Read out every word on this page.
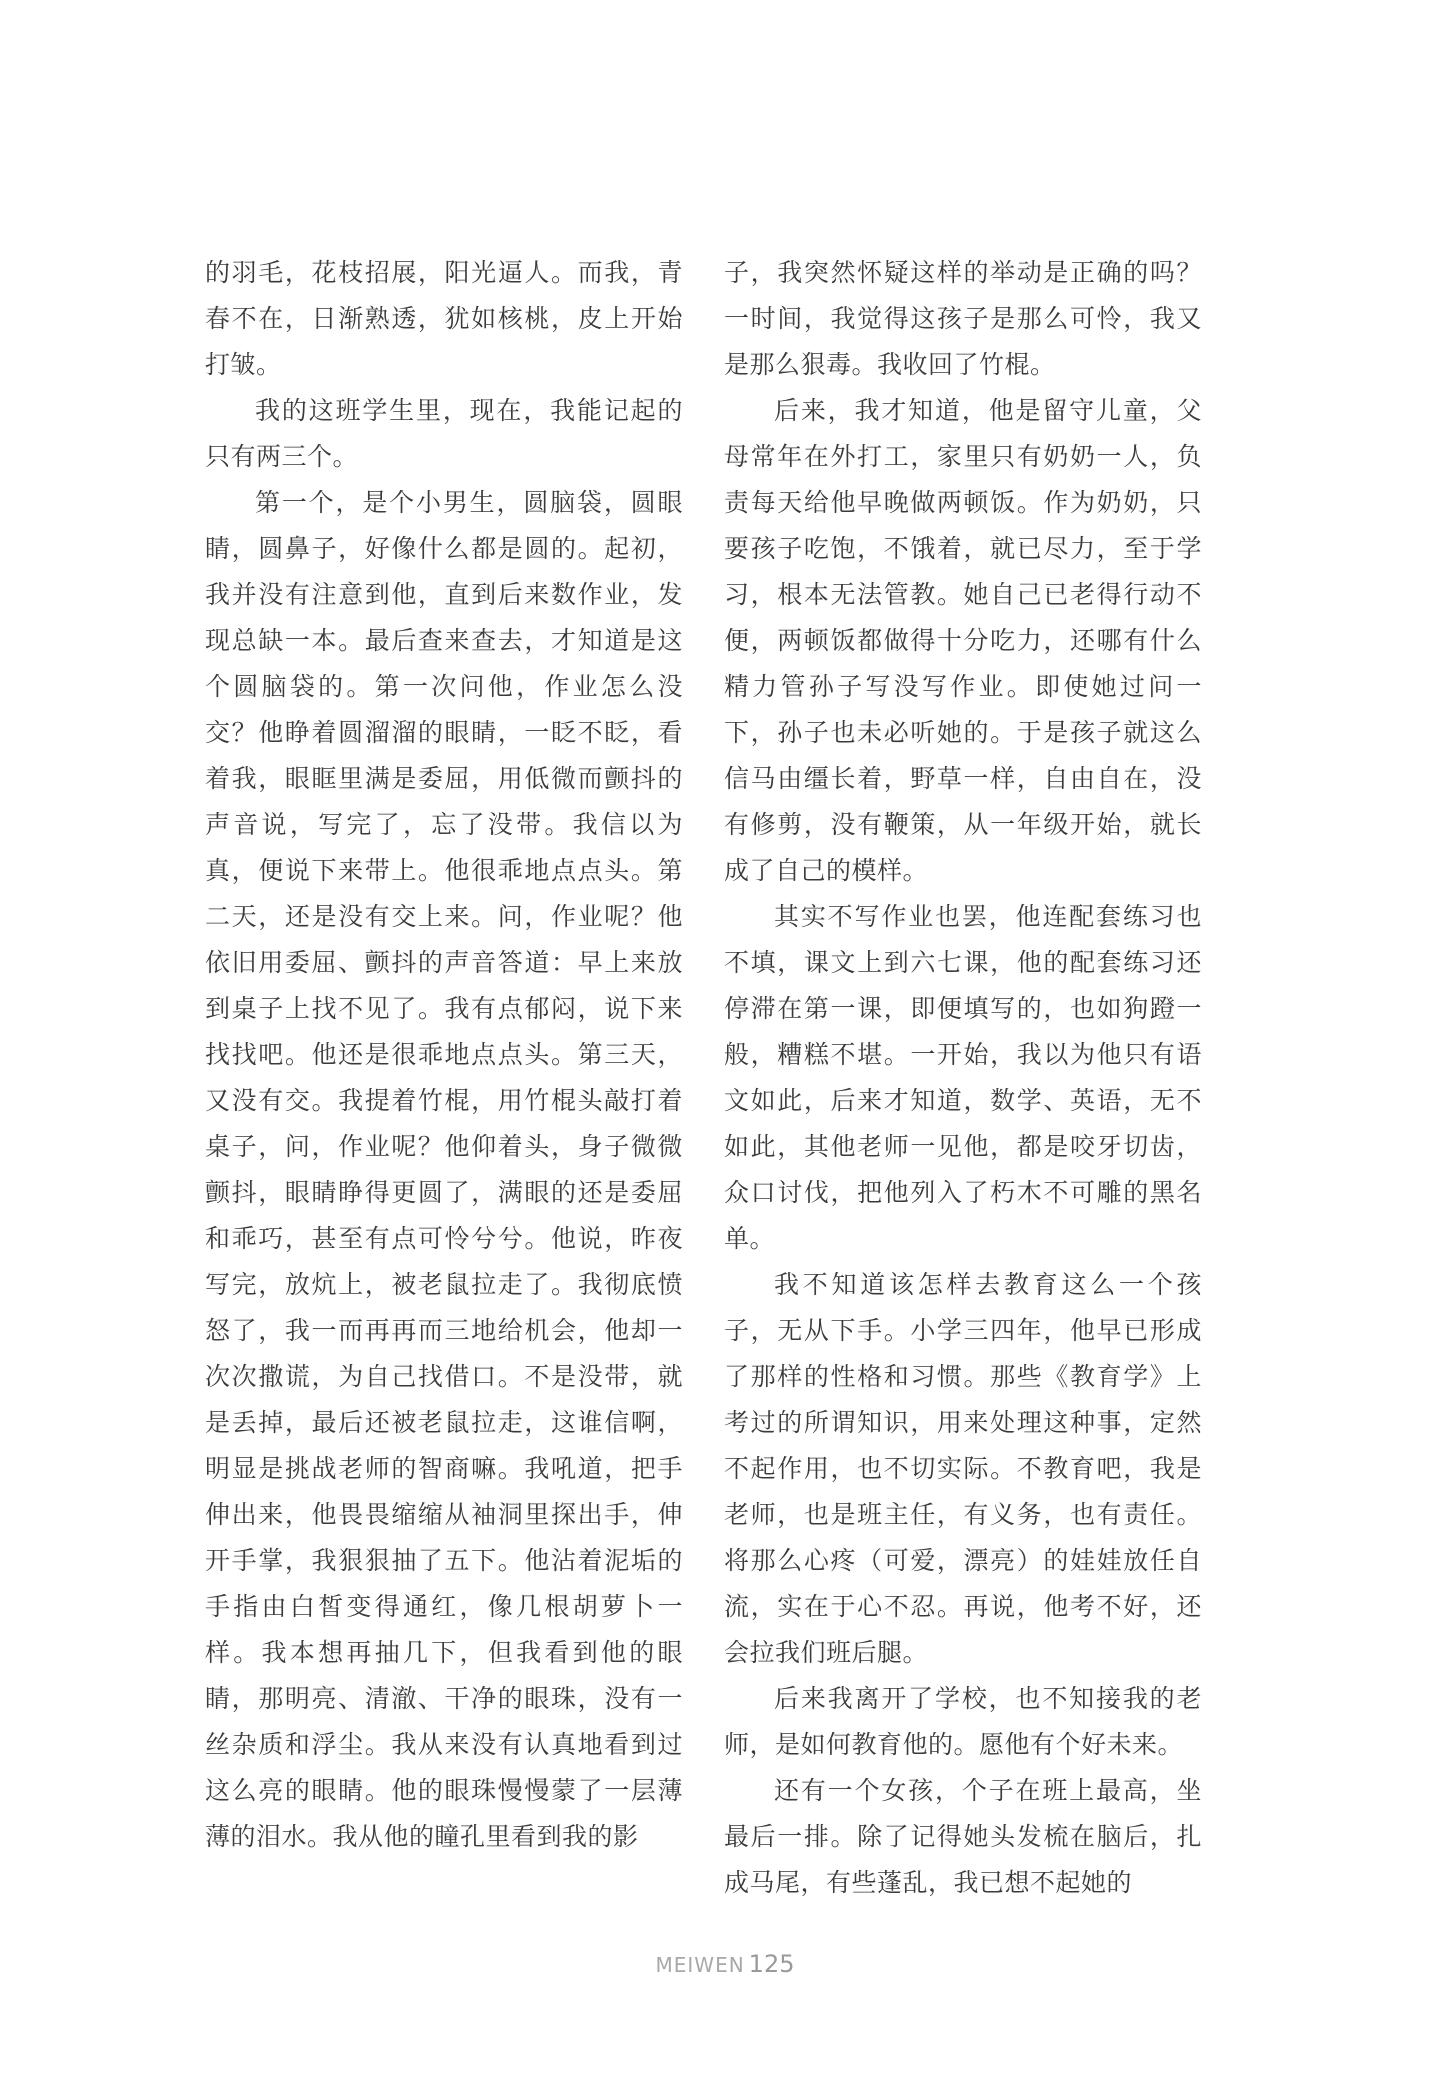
的羽毛，花枝招展，阳光逼人。而我，青春不在，日渐熟透，犹如核桃，皮上开始打皱。

我的这班学生里，现在，我能记起的只有两三个。

第一个，是个小男生，圆脑袋，圆眼睛，圆鼻子，好像什么都是圆的。起初，我并没有注意到他，直到后来数作业，发现总缺一本。最后查来查去，才知道是这个圆脑袋的。第一次问他，作业怎么没交？他睁着圆溜溜的眼睛，一眨不眨，看着我，眼眶里满是委屈，用低微而颤抖的声音说，写完了，忘了没带。我信以为真，便说下来带上。他很乖地点点头。第二天，还是没有交上来。问，作业呢？他依旧用委屈、颤抖的声音答道：早上来放到桌子上找不见了。我有点郁闷，说下来找找吧。他还是很乖地点点头。第三天，又没有交。我提着竹棍，用竹棍头敲打着桌子，问，作业呢？他仰着头，身子微微颤抖，眼睛睁得更圆了，满眼的还是委屈和乖巧，甚至有点可怜兮兮。他说，昨夜写完，放炕上，被老鼠拉走了。我彻底愤怒了，我一而再再而三地给机会，他却一次次撒谎，为自己找借口。不是没带，就是丢掉，最后还被老鼠拉走，这谁信啊，明显是挑战老师的智商嘛。我吼道，把手伸出来，他畏畏缩缩从袖洞里探出手，伸开手掌，我狠狠抽了五下。他沾着泥垢的手指由白皙变得通红，像几根胡萝卜一样。我本想再抽几下，但我看到他的眼睛，那明亮、清澈、干净的眼珠，没有一丝杂质和浮尘。我从来没有认真地看到过这么亮的眼睛。他的眼珠慢慢蒙了一层薄薄的泪水。我从他的瞳孔里看到我的影

子，我突然怀疑这样的举动是正确的吗？一时间，我觉得这孩子是那么可怜，我又是那么狠毒。我收回了竹棍。

后来，我才知道，他是留守儿童，父母常年在外打工，家里只有奶奶一人，负责每天给他早晚做两顿饭。作为奶奶，只要孩子吃饱，不饿着，就已尽力，至于学习，根本无法管教。她自己已老得行动不便，两顿饭都做得十分吃力，还哪有什么精力管孙子写没写作业。即使她过问一下，孙子也未必听她的。于是孩子就这么信马由缰长着，野草一样，自由自在，没有修剪，没有鞭策，从一年级开始，就长成了自己的模样。

其实不写作业也罢，他连配套练习也不填，课文上到六七课，他的配套练习还停滞在第一课，即便填写的，也如狗蹬一般，糟糕不堪。一开始，我以为他只有语文如此，后来才知道，数学、英语，无不如此，其他老师一见他，都是咬牙切齿，众口讨伐，把他列入了朽木不可雕的黑名单。

我不知道该怎样去教育这么一个孩子，无从下手。小学三四年，他早已形成了那样的性格和习惯。那些《教育学》上考过的所谓知识，用来处理这种事，定然不起作用，也不切实际。不教育吧，我是老师，也是班主任，有义务，也有责任。将那么心疼（可爱，漂亮）的娃娃放任自流，实在于心不忍。再说，他考不好，还会拉我们班后腿。

后来我离开了学校，也不知接我的老师，是如何教育他的。愿他有个好未来。

还有一个女孩，个子在班上最高，坐最后一排。除了记得她头发梳在脑后，扎成马尾，有些蓬乱，我已想不起她的

MEIWEN 125
